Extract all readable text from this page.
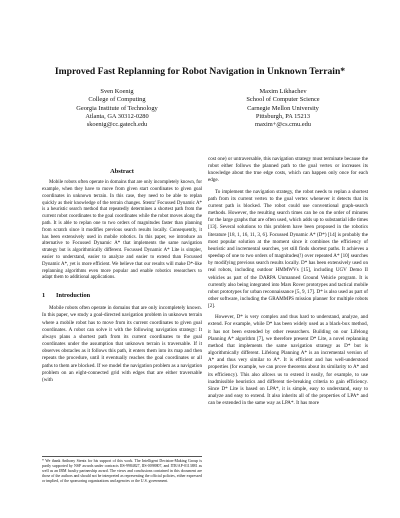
Improved Fast Replanning for Robot Navigation in Unknown Terrain*
Sven Koenig
College of Computing
Georgia Institute of Technology
Atlanta, GA 30312-0280
skoenig@cc.gatech.edu
Maxim Likhachev
School of Computer Science
Carnegie Mellon University
Pittsburgh, PA 15213
maxim+@cs.cmu.edu
Abstract

Mobile robots often operate in domains that are only incompletely known, for example, when they have to move from given start coordinates to given goal coordinates in unknown terrain. In this case, they need to be able to replan quickly as their knowledge of the terrain changes. Stentz' Focussed Dynamic A* is a heuristic search method that repeatedly determines a shortest path from the current robot coordinates to the goal coordinates while the robot moves along the path. It is able to replan one to two orders of magnitudes faster than planning from scratch since it modifies previous search results locally. Consequently, it has been extensively used in mobile robotics. In this paper, we introduce an alternative to Focussed Dynamic A* that implements the same navigation strategy but is algorithmically different. Focussed Dynamic A* Lite is simpler, easier to understand, easier to analyze and easier to extend than Focussed Dynamic A*, yet is more efficient. We believe that our results will make D*-like replanning algorithms even more popular and enable robotics researchers to adapt them to additional applications.

1 Introduction

Mobile robots often operate in domains that are only incompletely known. In this paper, we study a goal-directed navigation problem in unknown terrain where a mobile robot has to move from its current coordinates to given goal coordinates. A robot can solve it with the following navigation strategy: It always plans a shortest path from its current coordinates to the goal coordinates under the assumption that unknown terrain is traversable. If it observes obstacles as it follows this path, it enters them into its map and then repeats the procedure, until it eventually reaches the goal coordinates or all paths to them are blocked. If we model the navigation problem as a navigation problem on an eight-connected grid with edges that are either traversable (with

cost one) or untraversable, this navigation strategy must terminate because the robot either follows the planned path to the goal vertex or increases its knowledge about the true edge costs, which can happen only once for each edge.

To implement the navigation strategy, the robot needs to replan a shortest path from its current vertex to the goal vertex whenever it detects that its current path is blocked. The robot could use conventional graph-search methods. However, the resulting search times can be on the order of minutes for the large graphs that are often used, which adds up to substantial idle times [13]. Several solutions to this problem have been proposed in the robotics literature [18, 1, 16, 11, 3, 6]. Focussed Dynamic A* (D*) [14] is probably the most popular solution at the moment since it combines the efficiency of heuristic and incremental searches, yet still finds shortest paths. It achieves a speedup of one to two orders of magnitudes(!) over repeated A* [10] searches by modifying previous search results locally. D* has been extensively used on real robots, including outdoor HMMWVs [15], including UGV Demo II vehicles as part of the DARPA Unmanned Ground Vehicle program. It is currently also being integrated into Mars Rover prototypes and tactical mobile robot prototypes for urban reconnaissance [5, 9, 17]. D* is also used as part of other software, including the GRAMMPS mission planner for multiple robots [2].

However, D* is very complex and thus hard to understand, analyze, and extend. For example, while D* has been widely used as a black-box method, it has not been extended by other researchers. Building on our Lifelong Planning A* algorithm [7], we therefore present D* Lite, a novel replanning method that implements the same navigation strategy as D* but is algorithmically different. Lifelong Planning A* is an incremental version of A* and thus very similar to A*. It is efficient and has well-understood properties (for example, we can prove theorems about its similarity to A* and its efficiency). This also allows us to extend it easily, for example, to use inadmissible heuristics and different tie-breaking criteria to gain efficiency. Since D* Lite is based on LPA*, it is simple, easy to understand, easy to analyze and easy to extend. It also inherits all of the properties of LPA* and can be extended in the same way as LPA*. It has more

* We thank Anthony Stentz for his support of this work. The Intelligent Decision-Making Group is partly supported by NSF awards under contracts IIS-9984827, IIS-0098807, and ITR/AP-0113881 as well as an IBM faculty partnership award. The views and conclusions contained in this document are those of the authors and should not be interpreted as representing the official policies, either expressed or implied, of the sponsoring organizations and agencies or the U.S. government.
